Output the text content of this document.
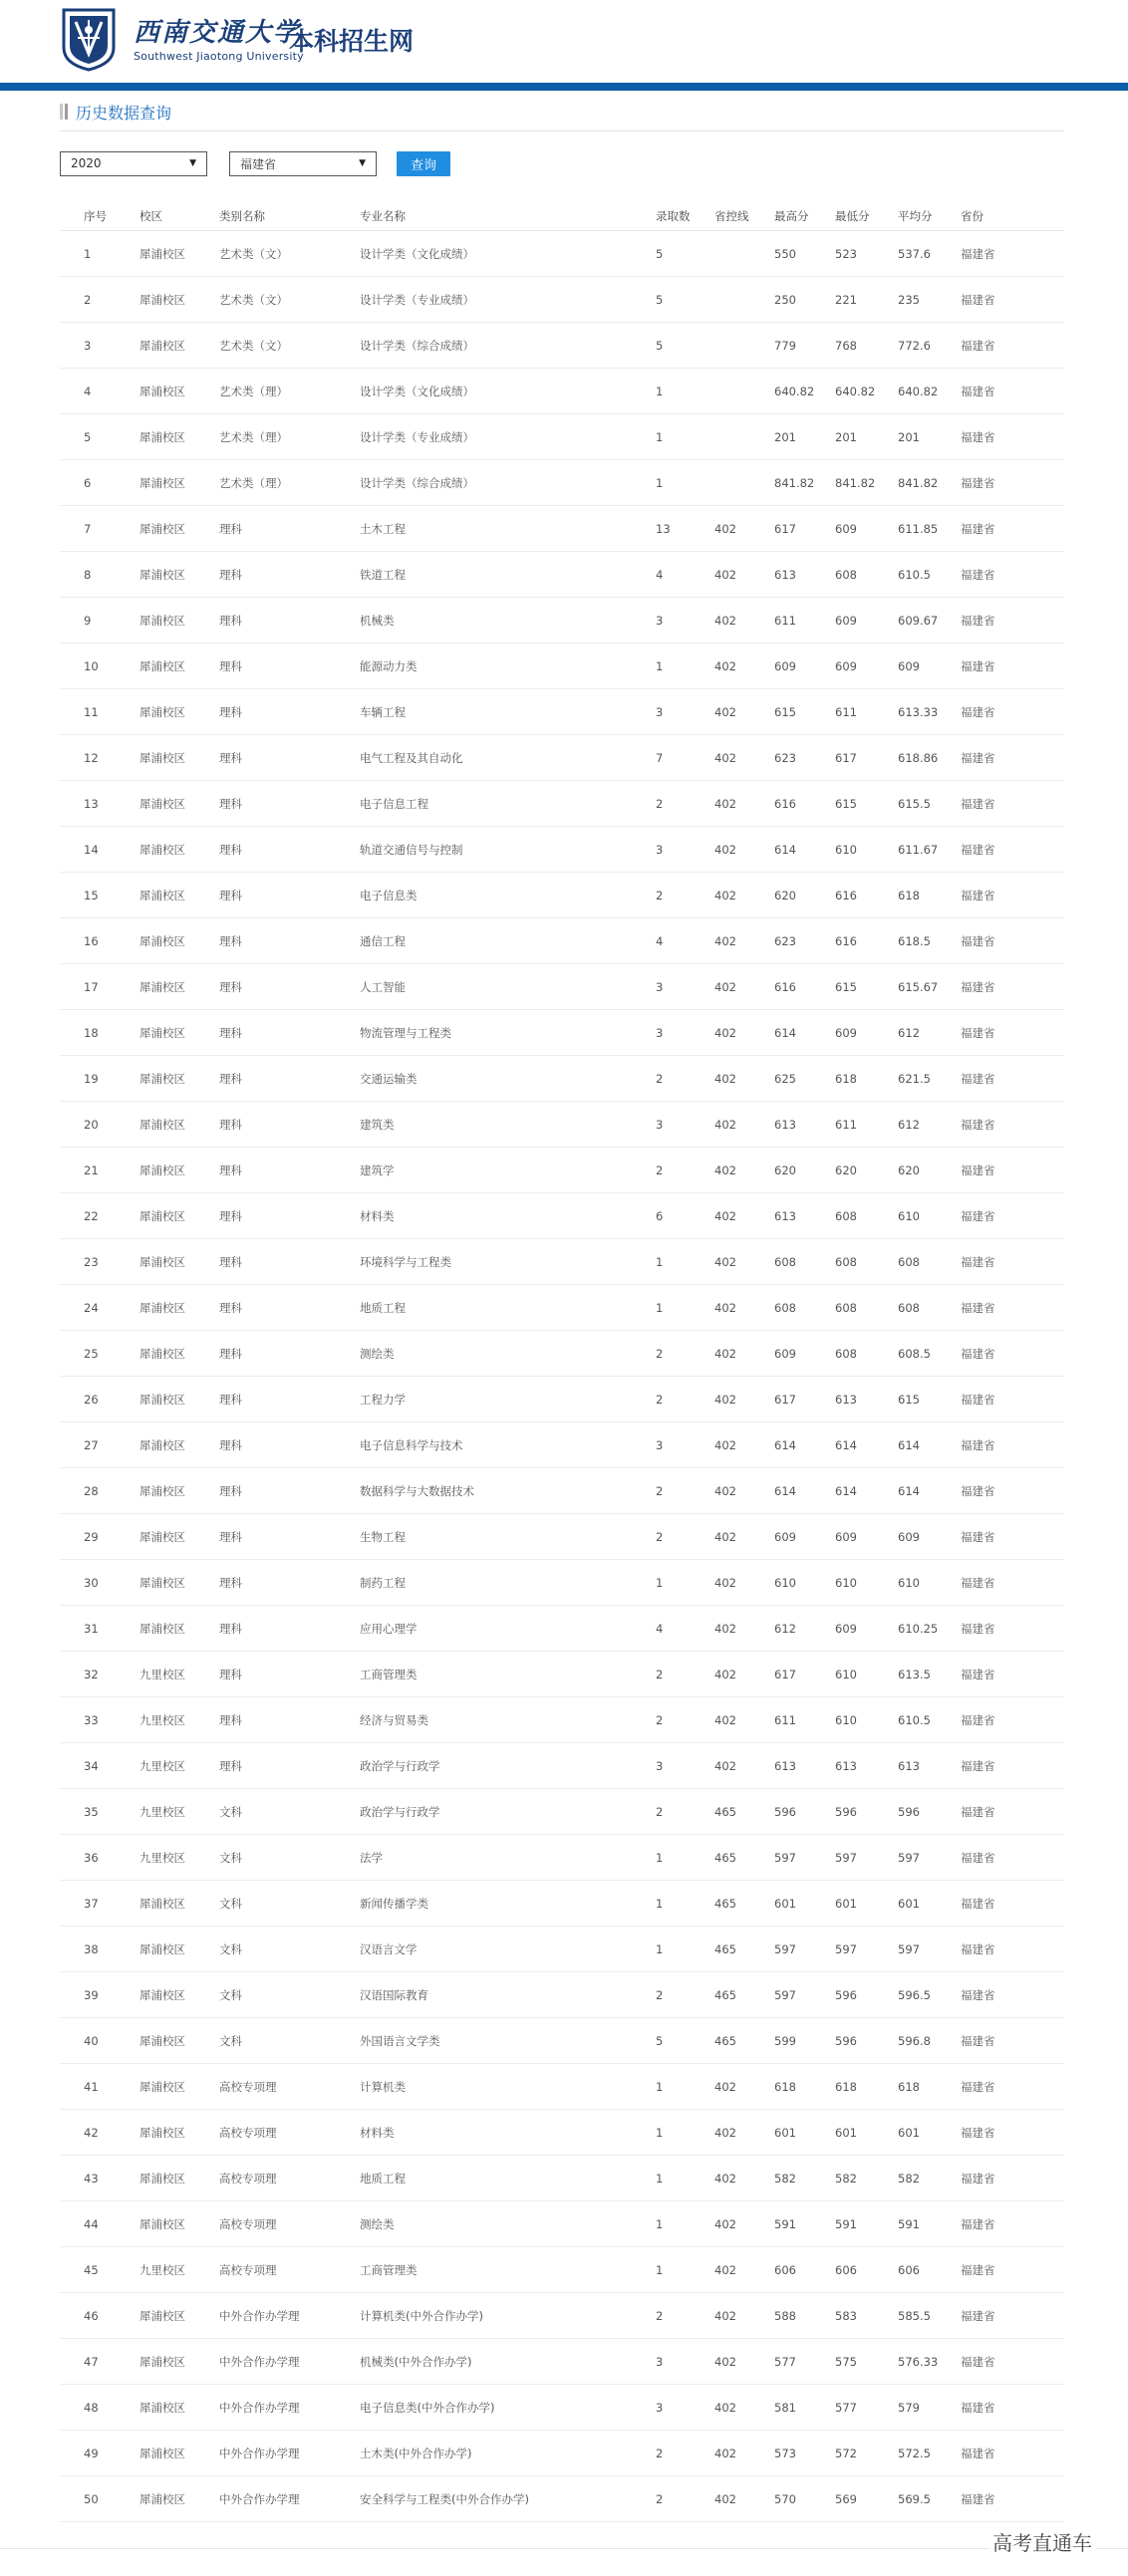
西南交通大学
Southwest Jiaotong University
本科招生网
历史数据查询
2020	▼	福建省	▼	查询
序号	校区	类别名称	专业名称	录取数	省控线	最高分	最低分	平均分	省份
1	犀浦校区	艺术类（文）	设计学类（文化成绩）	5		550	523	537.6	福建省
2	犀浦校区	艺术类（文）	设计学类（专业成绩）	5		250	221	235	福建省
3	犀浦校区	艺术类（文）	设计学类（综合成绩）	5		779	768	772.6	福建省
4	犀浦校区	艺术类（理）	设计学类（文化成绩）	1		640.82	640.82	640.82	福建省
5	犀浦校区	艺术类（理）	设计学类（专业成绩）	1		201	201	201	福建省
6	犀浦校区	艺术类（理）	设计学类（综合成绩）	1		841.82	841.82	841.82	福建省
7	犀浦校区	理科	土木工程	13	402	617	609	611.85	福建省
8	犀浦校区	理科	铁道工程	4	402	613	608	610.5	福建省
9	犀浦校区	理科	机械类	3	402	611	609	609.67	福建省
10	犀浦校区	理科	能源动力类	1	402	609	609	609	福建省
11	犀浦校区	理科	车辆工程	3	402	615	611	613.33	福建省
12	犀浦校区	理科	电气工程及其自动化	7	402	623	617	618.86	福建省
13	犀浦校区	理科	电子信息工程	2	402	616	615	615.5	福建省
14	犀浦校区	理科	轨道交通信号与控制	3	402	614	610	611.67	福建省
15	犀浦校区	理科	电子信息类	2	402	620	616	618	福建省
16	犀浦校区	理科	通信工程	4	402	623	616	618.5	福建省
17	犀浦校区	理科	人工智能	3	402	616	615	615.67	福建省
18	犀浦校区	理科	物流管理与工程类	3	402	614	609	612	福建省
19	犀浦校区	理科	交通运输类	2	402	625	618	621.5	福建省
20	犀浦校区	理科	建筑类	3	402	613	611	612	福建省
21	犀浦校区	理科	建筑学	2	402	620	620	620	福建省
22	犀浦校区	理科	材料类	6	402	613	608	610	福建省
23	犀浦校区	理科	环境科学与工程类	1	402	608	608	608	福建省
24	犀浦校区	理科	地质工程	1	402	608	608	608	福建省
25	犀浦校区	理科	测绘类	2	402	609	608	608.5	福建省
26	犀浦校区	理科	工程力学	2	402	617	613	615	福建省
27	犀浦校区	理科	电子信息科学与技术	3	402	614	614	614	福建省
28	犀浦校区	理科	数据科学与大数据技术	2	402	614	614	614	福建省
29	犀浦校区	理科	生物工程	2	402	609	609	609	福建省
30	犀浦校区	理科	制药工程	1	402	610	610	610	福建省
31	犀浦校区	理科	应用心理学	4	402	612	609	610.25	福建省
32	九里校区	理科	工商管理类	2	402	617	610	613.5	福建省
33	九里校区	理科	经济与贸易类	2	402	611	610	610.5	福建省
34	九里校区	理科	政治学与行政学	3	402	613	613	613	福建省
35	九里校区	文科	政治学与行政学	2	465	596	596	596	福建省
36	九里校区	文科	法学	1	465	597	597	597	福建省
37	犀浦校区	文科	新闻传播学类	1	465	601	601	601	福建省
38	犀浦校区	文科	汉语言文学	1	465	597	597	597	福建省
39	犀浦校区	文科	汉语国际教育	2	465	597	596	596.5	福建省
40	犀浦校区	文科	外国语言文学类	5	465	599	596	596.8	福建省
41	犀浦校区	高校专项理	计算机类	1	402	618	618	618	福建省
42	犀浦校区	高校专项理	材料类	1	402	601	601	601	福建省
43	犀浦校区	高校专项理	地质工程	1	402	582	582	582	福建省
44	犀浦校区	高校专项理	测绘类	1	402	591	591	591	福建省
45	九里校区	高校专项理	工商管理类	1	402	606	606	606	福建省
46	犀浦校区	中外合作办学理	计算机类(中外合作办学)	2	402	588	583	585.5	福建省
47	犀浦校区	中外合作办学理	机械类(中外合作办学)	3	402	577	575	576.33	福建省
48	犀浦校区	中外合作办学理	电子信息类(中外合作办学)	3	402	581	577	579	福建省
49	犀浦校区	中外合作办学理	土木类(中外合作办学)	2	402	573	572	572.5	福建省
50	犀浦校区	中外合作办学理	安全科学与工程类(中外合作办学)	2	402	570	569	569.5	福建省
高考直通车
